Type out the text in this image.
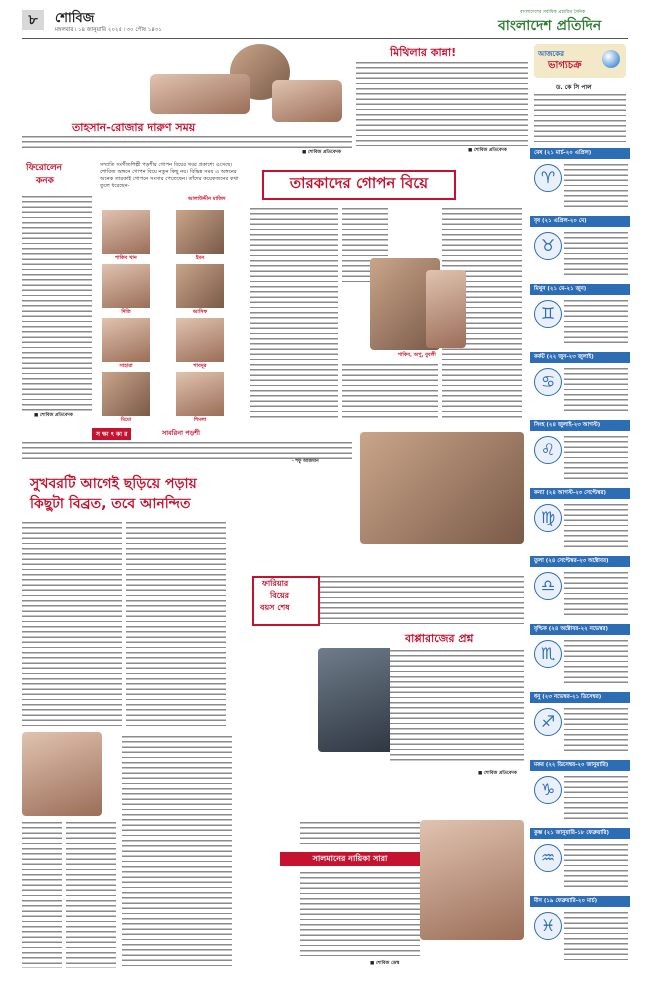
৮	শোবিজ
মঙ্গলবার ৷ ১৪ জানুয়ারি ২০২৫ ৷ ৩০ পৌষ ১৪৩১
বাংলাদেশের সর্বাধিক প্রচারিত দৈনিক
বাংলাদেশ প্রতিদিন
তাহসান-রোজার দারুণ সময়
■ শোবিজ প্রতিবেদক
মিথিলার কান্না!
■ শোবিজ প্রতিবেদক
আজকের
ভাগ্যচক্র
ড. কে সি পাল
মেষ (২১ মার্চ-২০ এপ্রিল)
♈
বৃষ (২১ এপ্রিল-২০ মে)
♉
মিথুন (২১ মে-২১ জুন)
♊
কর্কট (২২ জুন-২৩ জুলাই)
♋
সিংহ (২৪ জুলাই-২৩ আগস্ট)
♌
কন্যা (২৪ আগস্ট-২৩ সেপ্টেম্বর)
♍
তুলা (২৪ সেপ্টেম্বর-২৩ অক্টোবর)
♎
বৃশ্চিক (২৪ অক্টোবর-২২ নভেম্বর)
♏
ধনু (২৩ নভেম্বর-২১ ডিসেম্বর)
♐
মকর (২২ ডিসেম্বর-২০ জানুয়ারি)
♑
কুম্ভ (২১ জানুয়ারি-১৮ ফেব্রুয়ারি)
♒
মীন (১৯ ফেব্রুয়ারি-২০ মার্চ)
♓
ফিরোলেন
কনক
■ শোবিজ প্রতিবেদক
সম্প্রতি সংগীতশিল্পী পড়শীর গোপন বিয়ের খবর প্রকাশ্যে এসেছে। শোবিজ অঙ্গনে গোপন বিয়ে নতুন কিছু নয়। বিভিন্ন সময় এ অঙ্গনের অনেক তারকাই গোপনে সংসার পেতেছেন। তাঁদের কয়েকজনের কথা তুলে ধরেছেন-
আলাউদ্দীন মাজিদ
শাকিব খান	ইমন
দিতি	আসিফ
সাহারা	শাবনূর
মিমো	শিমলা
তারকাদের গোপন বিয়ে
শাকিব, অপু, বুবলী
স ক্ষা ৎ কা র	সাবরিনা পড়শী
- শফু আজমান
সুখবরটি আগেই ছড়িয়ে পড়ায়
কিছুটা বিব্রত, তবে আনন্দিত
ফারিয়ার
বিয়ের
বয়স শেষ
বাপ্পারাজের প্রশ্ন
■ শোবিজ প্রতিবেদক
সালমানের নায়িকা সারা
■ শোবিজ ডেস্ক
